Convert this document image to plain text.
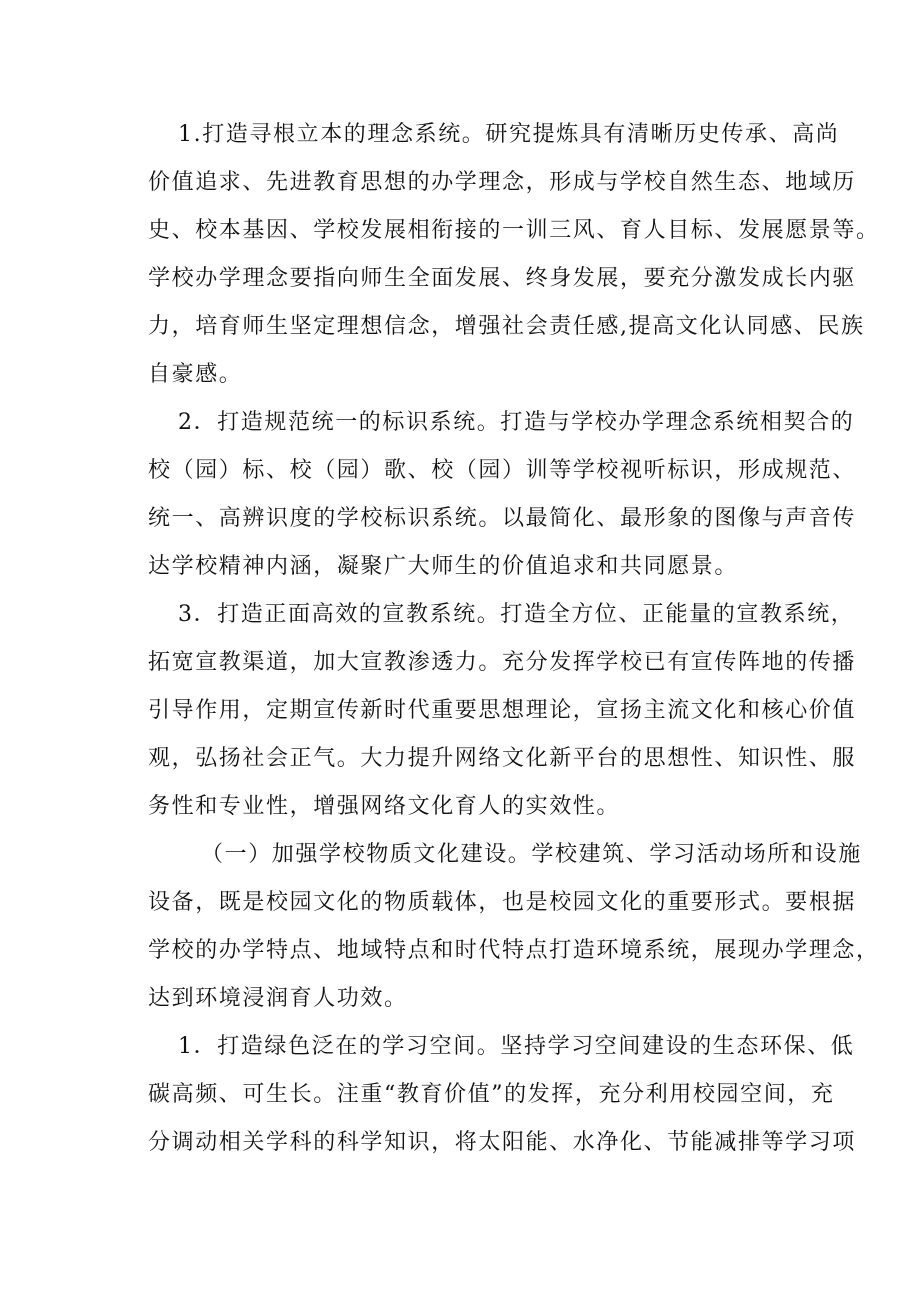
1.打造寻根立本的理念系统。研究提炼具有清晰历史传承、高尚
价值追求、先进教育思想的办学理念，形成与学校自然生态、地域历
史、校本基因、学校发展相衔接的一训三风、育人目标、发展愿景等。
学校办学理念要指向师生全面发展、终身发展，要充分激发成长内驱
力，培育师生坚定理想信念，增强社会责任感,提高文化认同感、民族
自豪感。
2．打造规范统一的标识系统。打造与学校办学理念系统相契合的
校（园）标、校（园）歌、校（园）训等学校视听标识，形成规范、
统一、高辨识度的学校标识系统。以最简化、最形象的图像与声音传
达学校精神内涵，凝聚广大师生的价值追求和共同愿景。
3．打造正面高效的宣教系统。打造全方位、正能量的宣教系统，
拓宽宣教渠道，加大宣教渗透力。充分发挥学校已有宣传阵地的传播
引导作用，定期宣传新时代重要思想理论，宣扬主流文化和核心价值
观，弘扬社会正气。大力提升网络文化新平台的思想性、知识性、服
务性和专业性，增强网络文化育人的实效性。
（一）加强学校物质文化建设。学校建筑、学习活动场所和设施
设备，既是校园文化的物质载体，也是校园文化的重要形式。要根据
学校的办学特点、地域特点和时代特点打造环境系统，展现办学理念，
达到环境浸润育人功效。
1．打造绿色泛在的学习空间。坚持学习空间建设的生态环保、低
碳高频、可生长。注重“教育价值”的发挥，充分利用校园空间，充
分调动相关学科的科学知识，将太阳能、水净化、节能减排等学习项
